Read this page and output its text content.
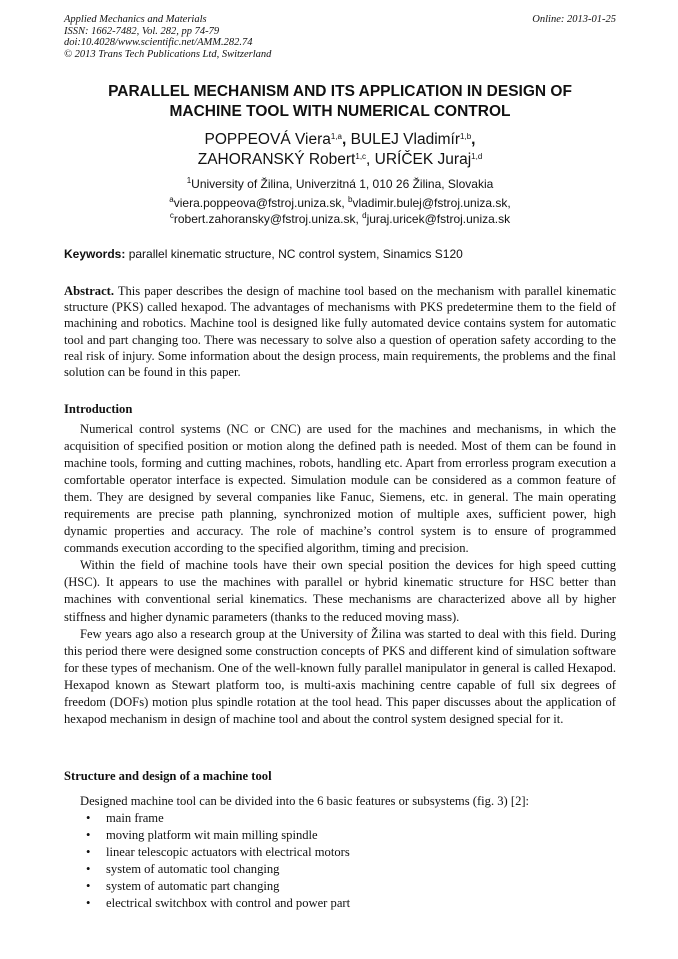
Applied Mechanics and Materials
ISSN: 1662-7482, Vol. 282, pp 74-79
doi:10.4028/www.scientific.net/AMM.282.74
© 2013 Trans Tech Publications Ltd, Switzerland
Online: 2013-01-25
PARALLEL MECHANISM AND ITS APPLICATION IN DESIGN OF
MACHINE TOOL WITH NUMERICAL CONTROL
POPPEOVÁ Viera$^{1,a}$, BULEJ Vladimír$^{1,b}$,
ZAHORANSKÝ Robert$^{1,c}$, URÍČEK Juraj$^{1,d}$
$^1$University of Žilina, Univerzitná 1, 010 26 Žilina, Slovakia
$^a$viera.poppeova@fstroj.uniza.sk, $^b$vladimir.bulej@fstroj.uniza.sk,
$^c$robert.zahoransky@fstroj.uniza.sk, $^d$juraj.uricek@fstroj.uniza.sk
Keywords: parallel kinematic structure, NC control system, Sinamics S120
Abstract. This paper describes the design of machine tool based on the mechanism with parallel kinematic structure (PKS) called hexapod. The advantages of mechanisms with PKS predetermine them to the field of machining and robotics. Machine tool is designed like fully automated device contains system for automatic tool and part changing too. There was necessary to solve also a question of operation safety according to the real risk of injury. Some information about the design process, main requirements, the problems and the final solution can be found in this paper.
Introduction

Numerical control systems (NC or CNC) are used for the machines and mechanisms, in which the acquisition of specified position or motion along the defined path is needed. Most of them can be found in machine tools, forming and cutting machines, robots, handling etc. Apart from errorless program execution a comfortable operator interface is expected. Simulation module can be considered as a common feature of them. They are designed by several companies like Fanuc, Siemens, etc. in general. The main operating requirements are precise path planning, synchronized motion of multiple axes, sufficient power, high dynamic properties and accuracy. The role of machine’s control system is to ensure of programmed commands execution according to the specified algorithm, timing and precision.

Within the field of machine tools have their own special position the devices for high speed cutting (HSC). It appears to use the machines with parallel or hybrid kinematic structure for HSC better than machines with conventional serial kinematics. These mechanisms are characterized above all by higher stiffness and higher dynamic parameters (thanks to the reduced moving mass).

Few years ago also a research group at the University of Žilina was started to deal with this field. During this period there were designed some construction concepts of PKS and different kind of simulation software for these types of mechanism. One of the well-known fully parallel manipulator in general is called Hexapod. Hexapod known as Stewart platform too, is multi-axis machining centre capable of full six degrees of freedom (DOFs) motion plus spindle rotation at the tool head. This paper discusses about the application of hexapod mechanism in design of machine tool and about the control system designed special for it.

Structure and design of a machine tool
Designed machine tool can be divided into the 6 basic features or subsystems (fig. 3) [2]:
• main frame
• moving platform wit main milling spindle
• linear telescopic actuators with electrical motors
• system of automatic tool changing
• system of automatic part changing
• electrical switchbox with control and power part
